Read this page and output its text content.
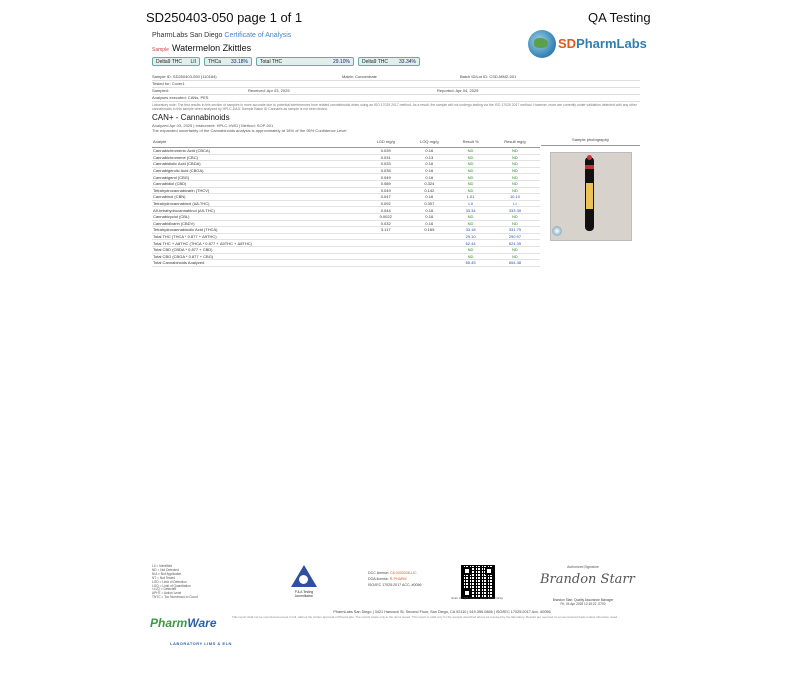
SD250403-050 page 1 of 1	QA Testing
PharmLabs San Diego Certificate of Analysis
Sample Watermelon Zkittles	SDPharmLabs
Delta9 THC LII	THCa 33.18%	Total THC	29.10%	Delta9 THC 33.34%
Sample ID: SD250403-050 (110184)	Matrix: Concentrate	Batch ID/Lot ID: CSD-MMZ-001
Tested for: Cover1
Sampled:	Received: Apr 03, 2025	Reported: Apr 04, 2025
Analyses executed: CANs, PES
Laboratory note: The test results in this section of samples is more accurate due to potential interferences from related cannabinoids when using an ISO 17025 2017 method. As a result, the sample will not undergo testing via the ISO 17025 2017 method. However, more are currently under validation detected with any other cannabinoids in this sample when analyzed by HPLC-DAD. Sample Batch ID Cannabis as sample is not been tested.
CAN+ - Cannabinoids
Analyzed Apr 03, 2025 | Instrument: HPLC-VWD | Method: SOP-001
The expanded uncertainty of the Cannabinoids analysis is approximately at 18% of the 95% Confidence Level
Analyte	LOD mg/g	LOQ mg/g	Result %	Result mg/g
Cannabichromenic Acid (CBCA)	0.039	0.16	ND	ND
Cannabichromene (CBC)	0.031	0.13	ND	ND
Cannabidiolic Acid (CBDA)	0.033	0.16	ND	ND
Cannabigerolic Acid (CBGA)	0.035	0.16	ND	ND
Cannabigerol (CBG)	0.049	0.16	ND	ND
Cannabidiol (CBD)	0.089	0.324	ND	ND
Tetrahydrocannabivarin (THCV)	0.049	0.142	ND	ND
Cannabinol (CBN)	0.047	0.16	1.01	10.10
Tetrahydrocannabinol (Δ8-THC)	0.092	0.307	LII	LI
Δ9-tetrahydrocannabinol (Δ9-THC)	0.044	0.16	33.34	333.39
Cannabicyclol (CBL)	0.0022	0.16	ND	ND
Cannabidivarin (CBDV)	0.032	0.16	ND	ND
Tetrahydrocannabinolic Acid (THCA)	3.117	0.169	33.18	331.75
Total THC (THCA * 0.877 + Δ9THC)			29.10	290.97
Total THC + Δ8THC (THCA * 0.877 + Δ9THC + Δ8THC)			62.44	624.35
Total CBD (CBDA * 0.877 + CBD)			ND	ND
Total CBG (CBGA * 0.877 + CBG)			ND	ND
Total Cannabinoids Analyzed			65.45	654.48
Sample photography
LII = Identified
ND = Not Detected
N/A = Not Applicable
NT = Not Tested
LOD = Limit of Detection
LOQ = Limit of Quantitation
<LLQ = Detected
APHT = Action Level
TNTC = Too Numerous to Count
PJLA Testing
Accreditation
DCC license: C8-0000038-LIC
DOA license: R-PHARM
ISO/IEC 17025:2017 ACC. #0056
Scan the QR code to verify authenticity
Authorized Signature
Brandon Starr
Brandon Starr, Quality Assurance Manager
Fri, 04 Apr 2025 12:19:22 -0700
PharmLabs San Diego | 3421 Hancock St, Second Floor, San Diego, CA 92110 | 619.356.0866 | ISO/IEC 17025:2017 Acc. #0056
This report shall not be reproduced except in full, without the written approval of PharmLabs. The results relate only to the items tested. This report is valid only for the sample described above as received by the laboratory. Results are reported on an as-received basis unless otherwise noted.
PharmWare
LABORATORY LIMS & ELN
